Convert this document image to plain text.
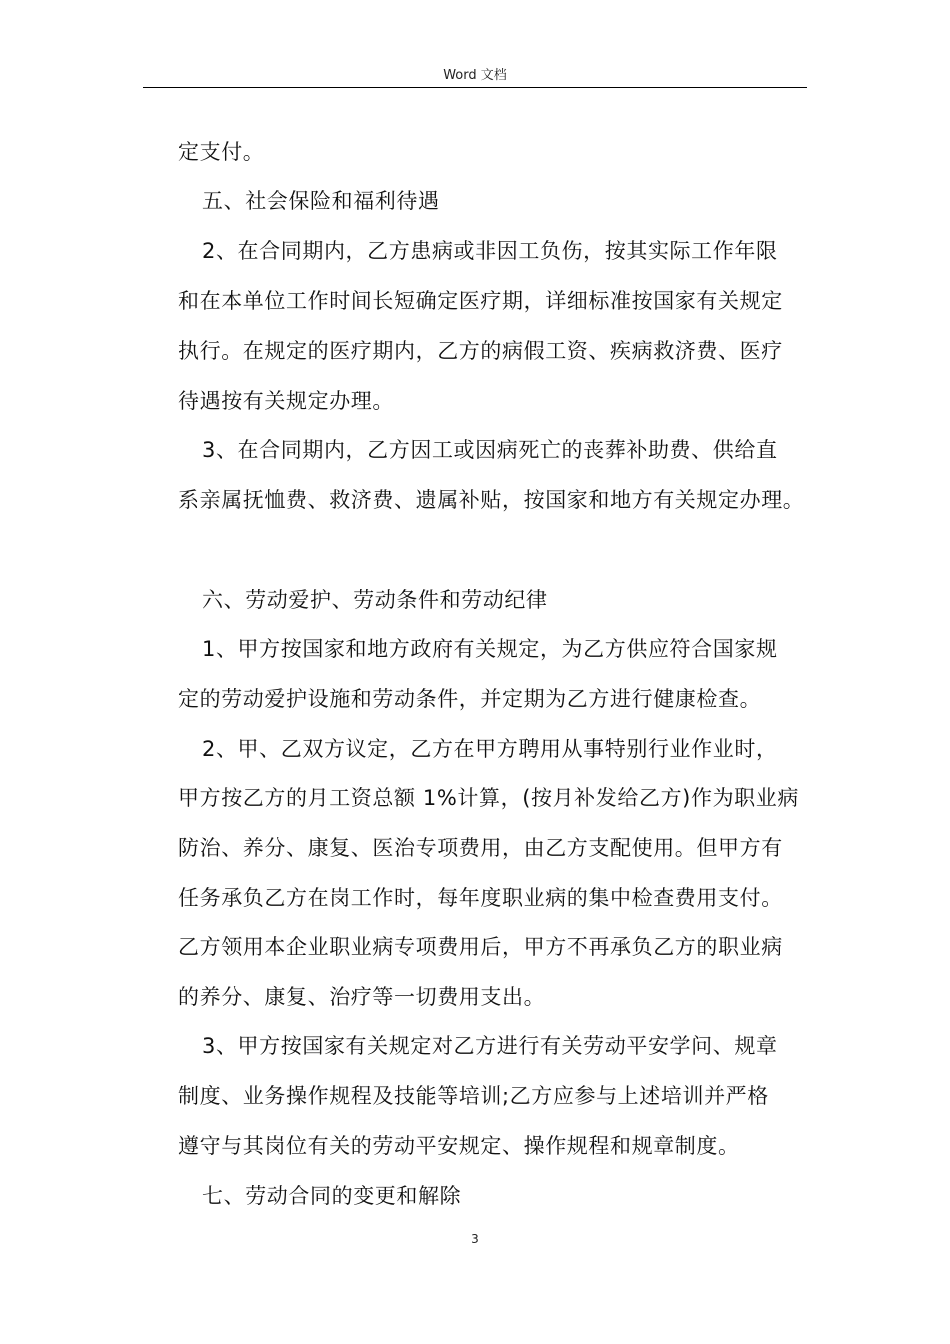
Word 文档
定支付。
五、社会保险和福利待遇
2、在合同期内，乙方患病或非因工负伤，按其实际工作年限
和在本单位工作时间长短确定医疗期，详细标准按国家有关规定
执行。在规定的医疗期内，乙方的病假工资、疾病救济费、医疗
待遇按有关规定办理。
3、在合同期内，乙方因工或因病死亡的丧葬补助费、供给直
系亲属抚恤费、救济费、遗属补贴，按国家和地方有关规定办理。
六、劳动爱护、劳动条件和劳动纪律
1、甲方按国家和地方政府有关规定，为乙方供应符合国家规
定的劳动爱护设施和劳动条件，并定期为乙方进行健康检查。
2、甲、乙双方议定，乙方在甲方聘用从事特别行业作业时，
甲方按乙方的月工资总额 1%计算，(按月补发给乙方)作为职业病
防治、养分、康复、医治专项费用，由乙方支配使用。但甲方有
任务承负乙方在岗工作时，每年度职业病的集中检查费用支付。
乙方领用本企业职业病专项费用后，甲方不再承负乙方的职业病
的养分、康复、治疗等一切费用支出。
3、甲方按国家有关规定对乙方进行有关劳动平安学问、规章
制度、业务操作规程及技能等培训;乙方应参与上述培训并严格
遵守与其岗位有关的劳动平安规定、操作规程和规章制度。
七、劳动合同的变更和解除
3
